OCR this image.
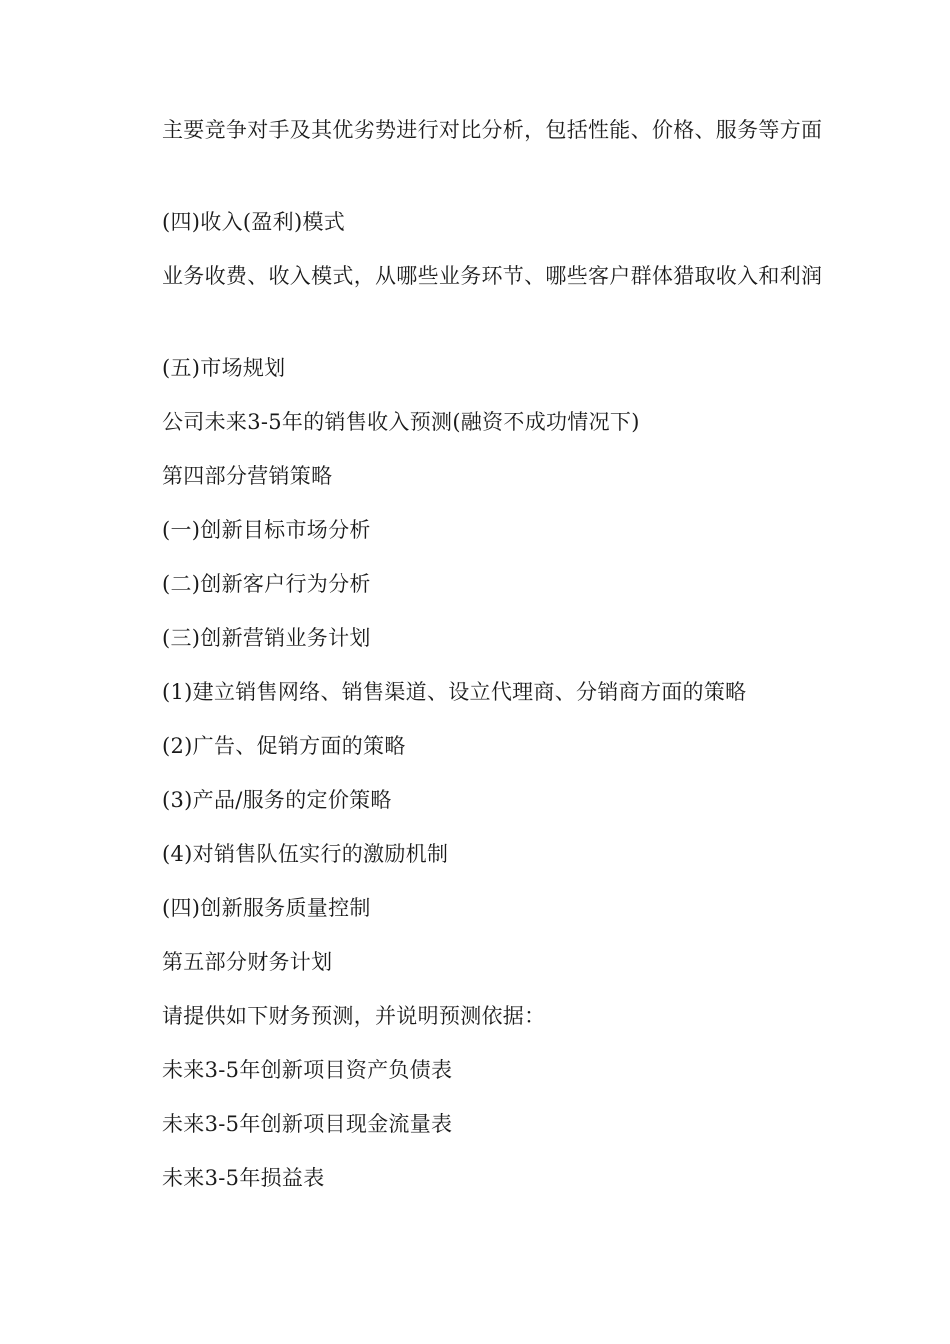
主要竞争对手及其优劣势进行对比分析，包括性能、价格、服务等方面

(四)收入(盈利)模式

业务收费、收入模式，从哪些业务环节、哪些客户群体猎取收入和利润

(五)市场规划

公司未来3-5年的销售收入预测(融资不成功情况下)

第四部分营销策略

(一)创新目标市场分析

(二)创新客户行为分析

(三)创新营销业务计划

(1)建立销售网络、销售渠道、设立代理商、分销商方面的策略

(2)广告、促销方面的策略

(3)产品/服务的定价策略

(4)对销售队伍实行的激励机制

(四)创新服务质量控制

第五部分财务计划

请提供如下财务预测，并说明预测依据：

未来3-5年创新项目资产负债表

未来3-5年创新项目现金流量表

未来3-5年损益表
